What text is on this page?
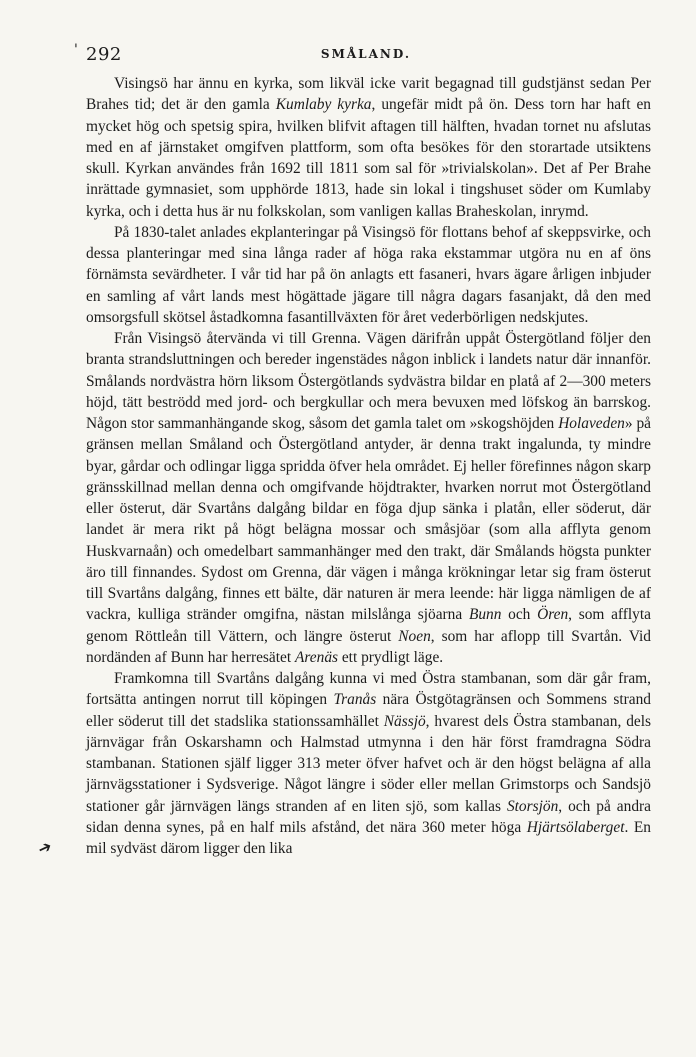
' 292	SMÅLAND.

Visingsö har ännu en kyrka, som likväl icke varit begagnad till gudstjänst sedan Per Brahes tid; det är den gamla Kumlaby kyrka, ungefär midt på ön. Dess torn har haft en mycket hög och spetsig spira, hvilken blifvit aftagen till hälften, hvadan tornet nu afslutas med en af järnstaket omgifven plattform, som ofta besökes för den storartade utsiktens skull. Kyrkan användes från 1692 till 1811 som sal för »trivialskolan». Det af Per Brahe inrättade gymnasiet, som upphörde 1813, hade sin lokal i tingshuset söder om Kumlaby kyrka, och i detta hus är nu folkskolan, som vanligen kallas Braheskolan, inrymd.

På 1830-talet anlades ekplanteringar på Visingsö för flottans behof af skeppsvirke, och dessa planteringar med sina långa rader af höga raka ekstammar utgöra nu en af öns förnämsta sevärdheter. I vår tid har på ön anlagts ett fasaneri, hvars ägare årligen inbjuder en samling af vårt lands mest högättade jägare till några dagars fasanjakt, då den med omsorgsfull skötsel åstadkomna fasantillväxten för året vederbörligen nedskjutes.

Från Visingsö återvända vi till Grenna. Vägen därifrån uppåt Östergötland följer den branta strandsluttningen och bereder ingenstädes någon inblick i landets natur där innanför. Smålands nordvästra hörn liksom Östergötlands sydvästra bildar en platå af 2—300 meters höjd, tätt beströdd med jord- och bergkullar och mera bevuxen med löfskog än barrskog. Någon stor sammanhängande skog, såsom det gamla talet om »skogshöjden Holaveden» på gränsen mellan Småland och Östergötland antyder, är denna trakt ingalunda, ty mindre byar, gårdar och odlingar ligga spridda öfver hela området. Ej heller förefinnes någon skarp gränsskillnad mellan denna och omgifvande höjdtrakter, hvarken norrut mot Östergötland eller österut, där Svartåns dalgång bildar en föga djup sänka i platån, eller söderut, där landet är mera rikt på högt belägna mossar och småsjöar (som alla afflyta genom Huskvarnaån) och omedelbart sammanhänger med den trakt, där Smålands högsta punkter äro till finnandes. Sydost om Grenna, där vägen i många krökningar letar sig fram österut till Svartåns dalgång, finnes ett bälte, där naturen är mera leende: här ligga nämligen de af vackra, kulliga stränder omgifna, nästan milslånga sjöarna Bunn och Ören, som afflyta genom Röttleån till Vättern, och längre österut Noen, som har aflopp till Svartån. Vid nordänden af Bunn har herresätet Arenäs ett prydligt läge.

Framkomna till Svartåns dalgång kunna vi med Östra stambanan, som där går fram, fortsätta antingen norrut till köpingen Tranås nära Östgötagränsen och Sommens strand eller söderut till det stadslika stationssamhället Nässjö, hvarest dels Östra stambanan, dels järnvägar från Oskarshamn och Halmstad utmynna i den här först framdragna Södra stambanan. Stationen själf ligger 313 meter öfver hafvet och är den högst belägna af alla järnvägsstationer i Sydsverige. Något längre i söder eller mellan Grimstorps och Sandsjö stationer går järnvägen längs stranden af en liten sjö, som kallas Storsjön, och på andra sidan denna synes, på en half mils afstånd, det nära 360 meter höga Hjärtsölaberget. En mil sydväst därom ligger den lika

➔
